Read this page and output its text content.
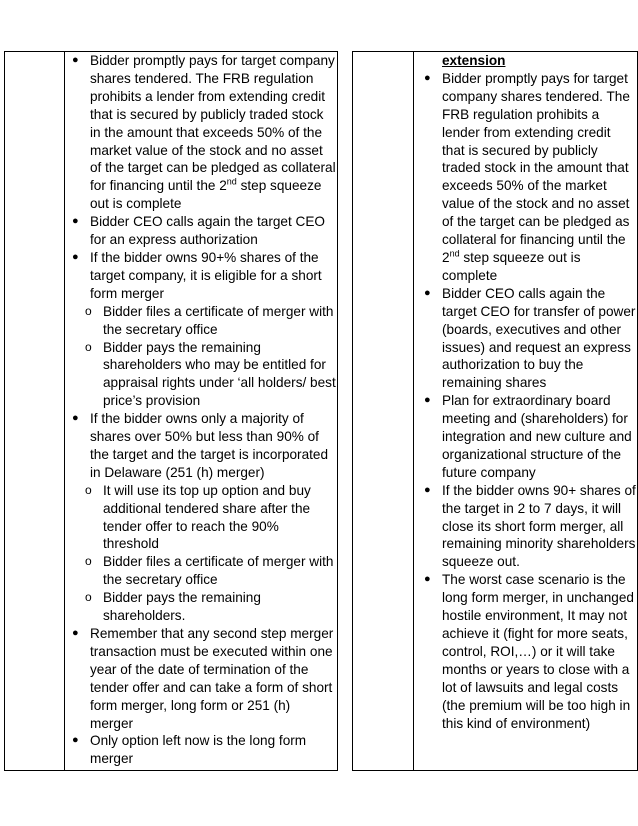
● Bidder promptly pays for target company shares tendered. The FRB regulation prohibits a lender from extending credit that is secured by publicly traded stock in the amount that exceeds 50% of the market value of the stock and no asset of the target can be pledged as collateral for financing until the 2nd step squeeze out is complete
● Bidder CEO calls again the target CEO for an express authorization
● If the bidder owns 90+% shares of the target company, it is eligible for a short form merger
o Bidder files a certificate of merger with the secretary office
o Bidder pays the remaining shareholders who may be entitled for appraisal rights under ‘all holders/ best price’s provision
● If the bidder owns only a majority of shares over 50% but less than 90% of the target and the target is incorporated in Delaware (251 (h) merger)
o It will use its top up option and buy additional tendered share after the tender offer to reach the 90% threshold
o Bidder files a certificate of merger with the secretary office
o Bidder pays the remaining shareholders.
● Remember that any second step merger transaction must be executed within one year of the date of termination of the tender offer and can take a form of short form merger, long form or 251 (h) merger
● Only option left now is the long form merger
extension
● Bidder promptly pays for target company shares tendered. The FRB regulation prohibits a lender from extending credit that is secured by publicly traded stock in the amount that exceeds 50% of the market value of the stock and no asset of the target can be pledged as collateral for financing until the 2nd step squeeze out is complete
● Bidder CEO calls again the target CEO for transfer of power (boards, executives and other issues) and request an express authorization to buy the remaining shares
● Plan for extraordinary board meeting and (shareholders) for integration and new culture and organizational structure of the future company
● If the bidder owns 90+ shares of the target in 2 to 7 days, it will close its short form merger, all remaining minority shareholders squeeze out.
● The worst case scenario is the long form merger, in unchanged hostile environment, It may not achieve it (fight for more seats, control, ROI,…) or it will take months or years to close with a lot of lawsuits and legal costs (the premium will be too high in this kind of environment)
